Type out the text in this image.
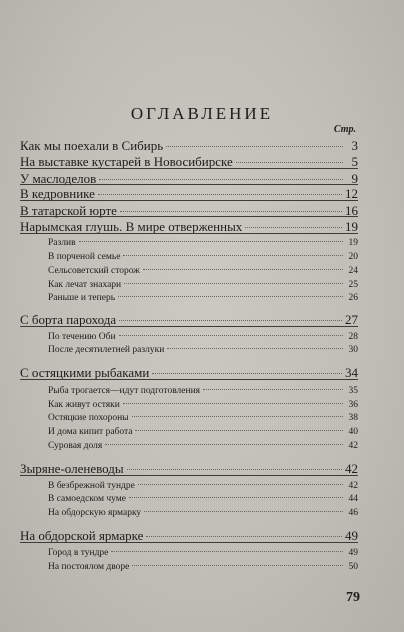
ОГЛАВЛЕНИЕ
Стр.
Как мы поехали в Сибирь	3
На выставке кустарей в Новосибирске	5
У маслоделов	9
В кедровнике	12
В татарской юрте	16
Нарымская глушь. В мире отверженных	19
Разлив	19
В порченой семье	20
Сельсоветский сторож	24
Как лечат знахари	25
Раньше и теперь	26
С борта парохода	27
По течению Оби	28
После десятилетней разлуки	30
С остяцкими рыбаками	34
Рыба трогается—идут подготовления	35
Как живут остяки	36
Остяцкие похороны	38
И дома кипит работа	40
Суровая доля	42
Зыряне-оленеводы	42
В безбрежной тундре	42
В самоедском чуме	44
На обдорскую ярмарку	46
На обдорской ярмарке	49
Город в тундре	49
На постоялом дворе	50
79
